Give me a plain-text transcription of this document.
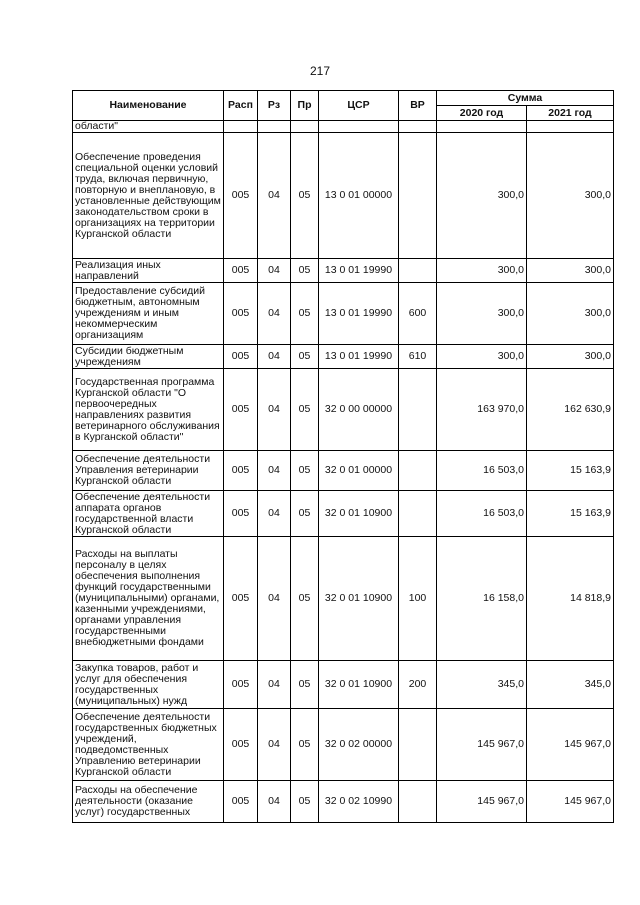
217
Наименование	Расп	Рз	Пр	ЦСР	ВР	Сумма	
						2020 год	2021 год
области"							
Обеспечение проведения специальной оценки условий труда, включая первичную, повторную и внеплановую, в установленные действующим законодательством сроки в организациях на территории Курганской области	005	04	05	13 0 01 00000		300,0	300,0
Реализация иных направлений	005	04	05	13 0 01 19990		300,0	300,0
Предоставление субсидий бюджетным, автономным учреждениям и иным некоммерческим организациям	005	04	05	13 0 01 19990	600	300,0	300,0
Субсидии бюджетным учреждениям	005	04	05	13 0 01 19990	610	300,0	300,0
Государственная программа Курганской области "О первоочередных направлениях развития ветеринарного обслуживания в Курганской области"	005	04	05	32 0 00 00000		163 970,0	162 630,9
Обеспечение деятельности Управления ветеринарии Курганской области	005	04	05	32 0 01 00000		16 503,0	15 163,9
Обеспечение деятельности аппарата органов государственной власти Курганской области	005	04	05	32 0 01 10900		16 503,0	15 163,9
Расходы на выплаты персоналу в целях обеспечения выполнения функций государственными (муниципальными) органами, казенными учреждениями, органами управления государственными внебюджетными фондами	005	04	05	32 0 01 10900	100	16 158,0	14 818,9
Закупка товаров, работ и услуг для обеспечения государственных (муниципальных) нужд	005	04	05	32 0 01 10900	200	345,0	345,0
Обеспечение деятельности государственных бюджетных учреждений, подведомственных Управлению ветеринарии Курганской области	005	04	05	32 0 02 00000		145 967,0	145 967,0
Расходы на обеспечение деятельности (оказание услуг) государственных	005	04	05	32 0 02 10990		145 967,0	145 967,0
